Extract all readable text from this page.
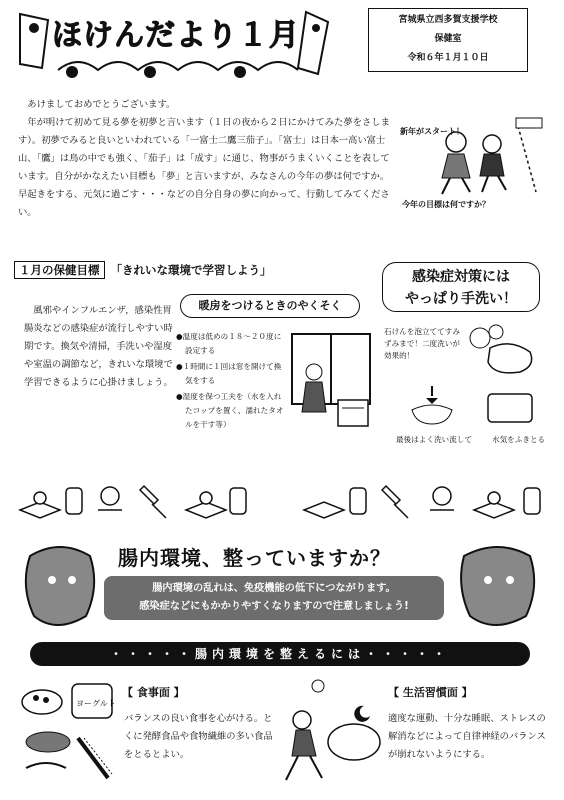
ほけんだより１月	宮城県立西多賀支援学校
保健室
令和６年１月１０日

あけましておめでとうございます。

年が明けて初めて見る夢を初夢と言います（１日の夜から２日にかけてみた夢をさします）。初夢でみると良いといわれている「一富士二鷹三茄子」。「富士」は日本一高い富士山、「鷹」は鳥の中でも強く、「茄子」は「成す」に通じ、物事がうまくいくことを表しています。自分がかなえたい目標も「夢」と言いますが、みなさんの今年の夢は何ですか。早起きをする、元気に過ごす・・・などの自分自身の夢に向かって、行動してみてください。

新年がスタート！
今年の目標は何ですか？
１月の保健目標 「きれいな環境で学習しよう」

風邪やインフルエンザ，感染性胃腸炎などの感染症が流行しやすい時期です。換気や清掃，手洗いや湿度や室温の調節など，きれいな環境で学習できるように心掛けましょう。

暖房をつけるときのやくそく
●温度は低めの１８〜２０度に設定する
●１時間に１回は窓を開けて換気をする
●湿度を保つ工夫を（水を入れたコップを置く、濡れたタオルを干す等）
感染症対策には
やっぱり手洗い！
石けんを泡立ててすみずみまで！二度洗いが効果的！
最後はよく洗い流して	水気をふきとる
腸内環境、整っていますか？
腸内環境の乱れは、免疫機能の低下につながります。
感染症などにもかかりやすくなりますので注意しましょう!
・・・・・腸内環境を整えるには・・・・・
ヨーグルト
【 食事面 】
バランスの良い食事を心がける。とくに発酵食品や食物繊維の多い食品をとるとよい。
【 生活習慣面 】
適度な運動、十分な睡眠、ストレスの解消などによって自律神経のバランスが崩れないようにする。
